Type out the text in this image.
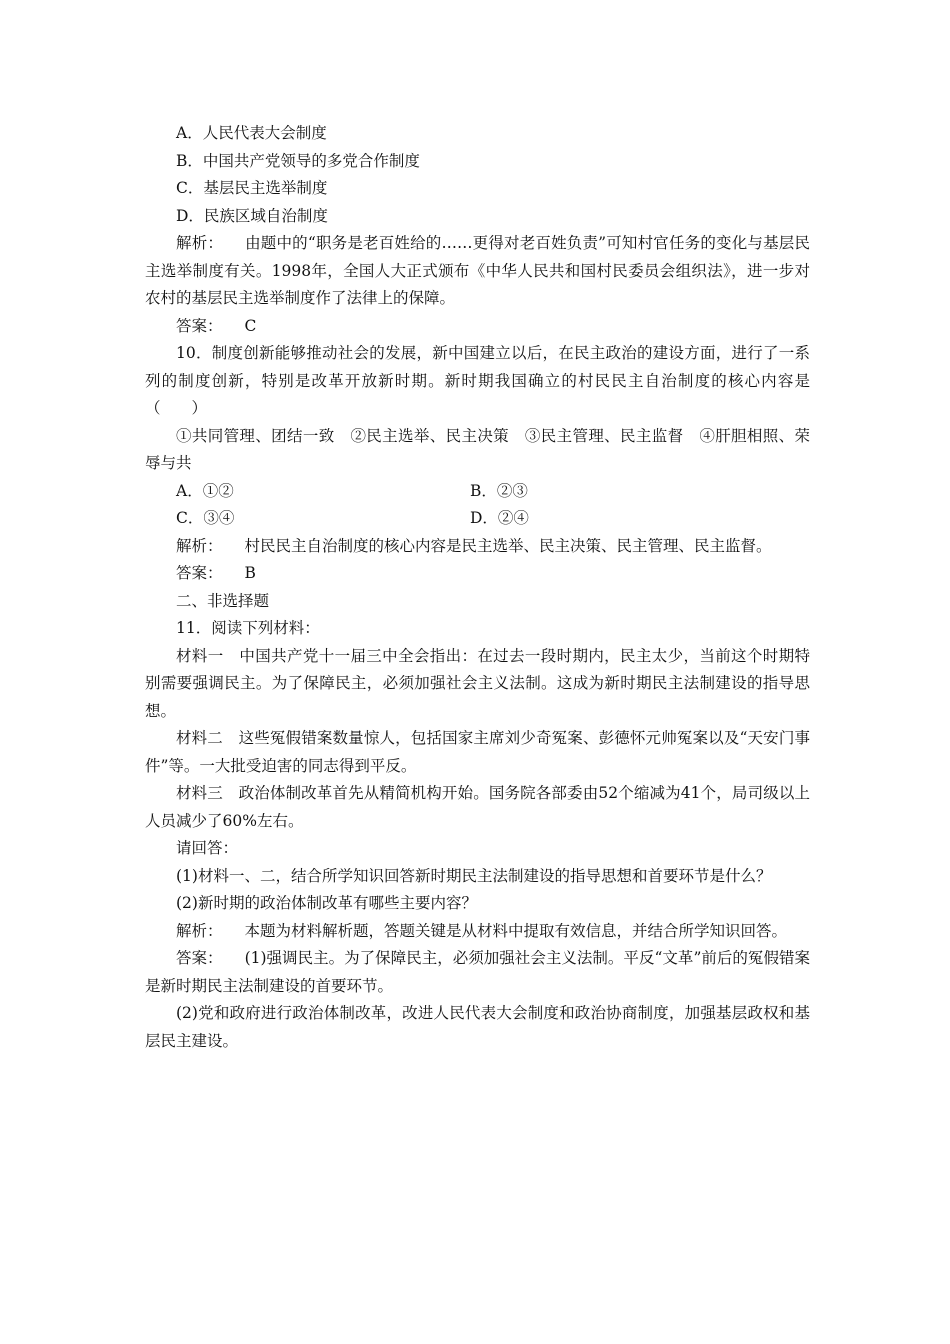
A．人民代表大会制度
B．中国共产党领导的多党合作制度
C．基层民主选举制度
D．民族区域自治制度
解析： 由题中的“职务是老百姓给的……更得对老百姓负责”可知村官任务的变化与基层民主选举制度有关。1998年，全国人大正式颁布《中华人民共和国村民委员会组织法》，进一步对农村的基层民主选举制度作了法律上的保障。
答案： C
10．制度创新能够推动社会的发展，新中国建立以后，在民主政治的建设方面，进行了一系列的制度创新，特别是改革开放新时期。新时期我国确立的村民民主自治制度的核心内容是（　　）
①共同管理、团结一致　②民主选举、民主决策　③民主管理、民主监督　④肝胆相照、荣辱与共
A．①②	B．②③
C．③④	D．②④
解析： 村民民主自治制度的核心内容是民主选举、民主决策、民主管理、民主监督。
答案： B
二、非选择题
11．阅读下列材料：
材料一　中国共产党十一届三中全会指出：在过去一段时期内，民主太少，当前这个时期特别需要强调民主。为了保障民主，必须加强社会主义法制。这成为新时期民主法制建设的指导思想。
材料二　这些冤假错案数量惊人，包括国家主席刘少奇冤案、彭德怀元帅冤案以及“天安门事件”等。一大批受迫害的同志得到平反。
材料三　政治体制改革首先从精简机构开始。国务院各部委由52个缩减为41个，局司级以上人员减少了60%左右。
请回答：
(1)材料一、二，结合所学知识回答新时期民主法制建设的指导思想和首要环节是什么？
(2)新时期的政治体制改革有哪些主要内容？
解析： 本题为材料解析题，答题关键是从材料中提取有效信息，并结合所学知识回答。
答案： (1)强调民主。为了保障民主，必须加强社会主义法制。平反“文革”前后的冤假错案是新时期民主法制建设的首要环节。
(2)党和政府进行政治体制改革，改进人民代表大会制度和政治协商制度，加强基层政权和基层民主建设。
